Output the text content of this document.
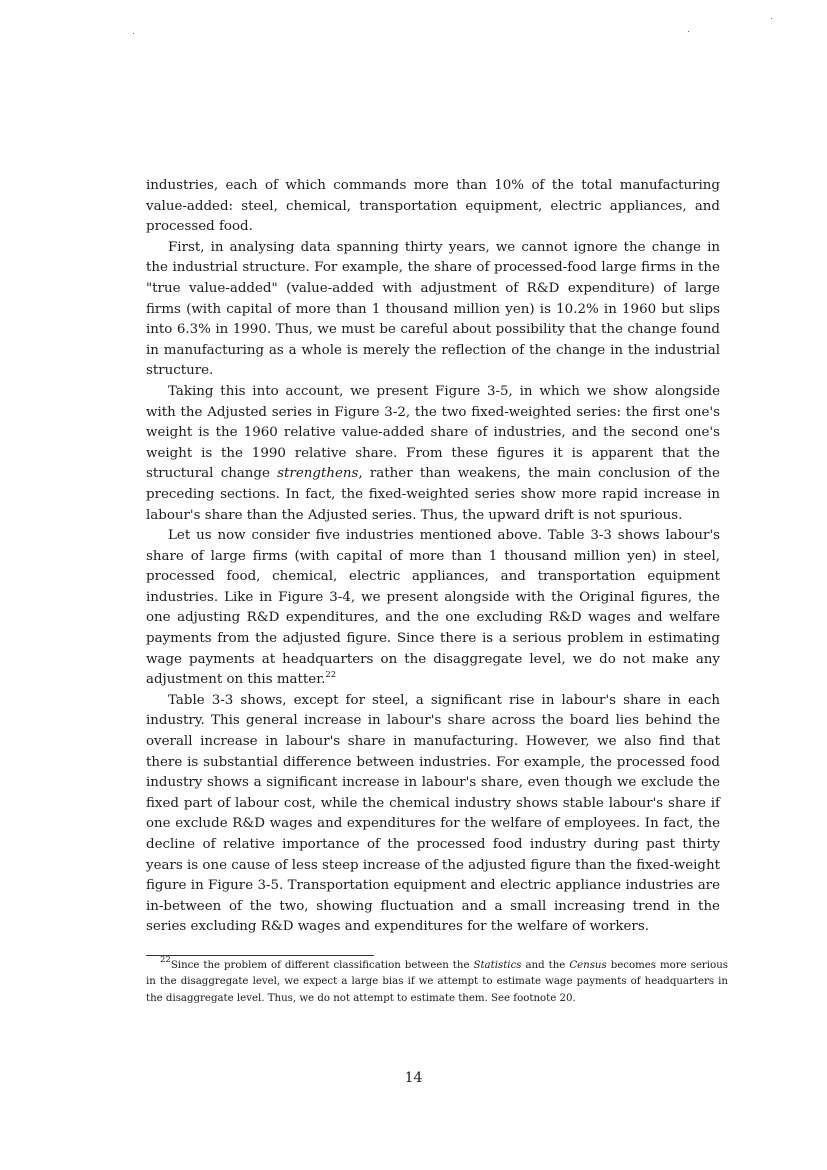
industries, each of which commands more than 10% of the total manufacturing value-added: steel, chemical, transportation equipment, electric appliances, and processed food.

First, in analysing data spanning thirty years, we cannot ignore the change in the industrial structure. For example, the share of processed-food large firms in the "true value-added" (value-added with adjustment of R&D expenditure) of large firms (with capital of more than 1 thousand million yen) is 10.2% in 1960 but slips into 6.3% in 1990. Thus, we must be careful about possibility that the change found in manufacturing as a whole is merely the reflection of the change in the industrial structure.

Taking this into account, we present Figure 3-5, in which we show alongside with the Adjusted series in Figure 3-2, the two fixed-weighted series: the first one's weight is the 1960 relative value-added share of industries, and the second one's weight is the 1990 relative share. From these figures it is apparent that the structural change strengthens, rather than weakens, the main conclusion of the preceding sections. In fact, the fixed-weighted series show more rapid increase in labour's share than the Adjusted series. Thus, the upward drift is not spurious.

Let us now consider five industries mentioned above. Table 3-3 shows labour's share of large firms (with capital of more than 1 thousand million yen) in steel, processed food, chemical, electric appliances, and transportation equipment industries. Like in Figure 3-4, we present alongside with the Original figures, the one adjusting R&D expenditures, and the one excluding R&D wages and welfare payments from the adjusted figure. Since there is a serious problem in estimating wage payments at headquarters on the disaggregate level, we do not make any adjustment on this matter.$^{22}$

Table 3-3 shows, except for steel, a significant rise in labour's share in each industry. This general increase in labour's share across the board lies behind the overall increase in labour's share in manufacturing. However, we also find that there is substantial difference between industries. For example, the processed food industry shows a significant increase in labour's share, even though we exclude the fixed part of labour cost, while the chemical industry shows stable labour's share if one exclude R&D wages and expenditures for the welfare of employees. In fact, the decline of relative importance of the processed food industry during past thirty years is one cause of less steep increase of the adjusted figure than the fixed-weight figure in Figure 3-5. Transportation equipment and electric appliance industries are in-between of the two, showing fluctuation and a small increasing trend in the series excluding R&D wages and expenditures for the welfare of workers.

$^{22}$Since the problem of different classification between the Statistics and the Census becomes more serious in the disaggregate level, we expect a large bias if we attempt to estimate wage payments of headquarters in the disaggregate level. Thus, we do not attempt to estimate them. See footnote 20.

14
